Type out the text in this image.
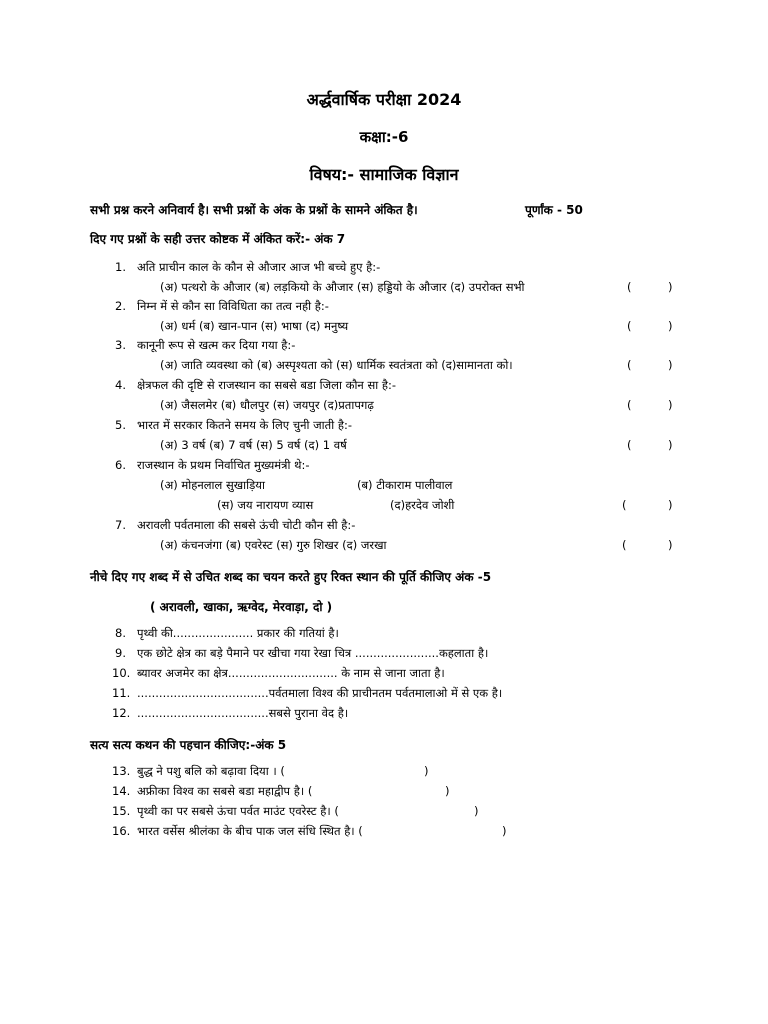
अर्द्धवार्षिक परीक्षा 2024
कक्षा:-6
विषय:- सामाजिक विज्ञान
सभी प्रश्न करने अनिवार्य है। सभी प्रश्नों के अंक के प्रश्नों के सामने अंकित है।	पूर्णांक - 50
दिए गए प्रश्नों के सही उत्तर कोष्टक में अंकित करें:- अंक 7
1. अति प्राचीन काल के कौन से औजार आज भी बच्चे हुए है:-
(अ) पत्थरो के औजार (ब) लड़कियो के औजार (स) हड्डियो के औजार (द) उपरोक्त सभी	(	)
2. निम्न में से कौन सा विविधिता का तत्व नही है:-
(अ) धर्म (ब) खान-पान (स) भाषा (द) मनुष्य	(	)
3. कानूनी रूप से खत्म कर दिया गया है:-
(अ) जाति व्यवस्था को (ब) अस्पृश्यता को (स) धार्मिक स्वतंत्रता को (द)सामानता को।	(	)
4. क्षेत्रफल की दृष्टि से राजस्थान का सबसे बडा जिला कौन सा है:-
(अ) जैसलमेर (ब) धौलपुर (स) जयपुर (द)प्रतापगढ़	(	)
5. भारत में सरकार कितने समय के लिए चुनी जाती है:-
(अ) 3 वर्ष (ब) 7 वर्ष (स) 5 वर्ष (द) 1 वर्ष	(	)
6. राजस्थान के प्रथम निर्वाचित मुख्यमंत्री थे:-
(अ) मोहनलाल सुखाड़िया	(ब) टीकाराम पालीवाल
(स) जय नारायण व्यास	(द)हरदेव जोशी	(	)
7. अरावली पर्वतमाला की सबसे ऊंची चोटी कौन सी है:-
(अ) कंचनजंगा (ब) एवरेस्ट (स) गुरु शिखर (द) जरखा	(	)
नीचे दिए गए शब्द में से उचित शब्द का चयन करते हुए रिक्त स्थान की पूर्ति कीजिए अंक -5
( अरावली, खाका, ऋग्वेद, मेरवाड़ा, दो )
8. पृथ्वी की...................... प्रकार की गतियां है।
9. एक छोटे क्षेत्र का बड़े पैमाने पर खीचा गया रेखा चित्र .......................कहलाता है।
10. ब्यावर अजमेर का क्षेत्र.............................. के नाम से जाना जाता है।
11. ....................................पर्वतमाला विश्व की प्राचीनतम पर्वतमालाओ में से एक है।
12. ....................................सबसे पुराना वेद है।
सत्य सत्य कथन की पहचान कीजिए:-अंक 5
13. बुद्ध ने पशु बलि को बढ़ावा दिया । (	)
14. अफ्रीका विश्व का सबसे बडा महाद्वीप है। (	)
15. पृथ्वी का पर सबसे ऊंचा पर्वत माउंट एवरेस्ट है। (	)
16. भारत वर्सेस श्रीलंका के बीच पाक जल संधि स्थित है। (	)
